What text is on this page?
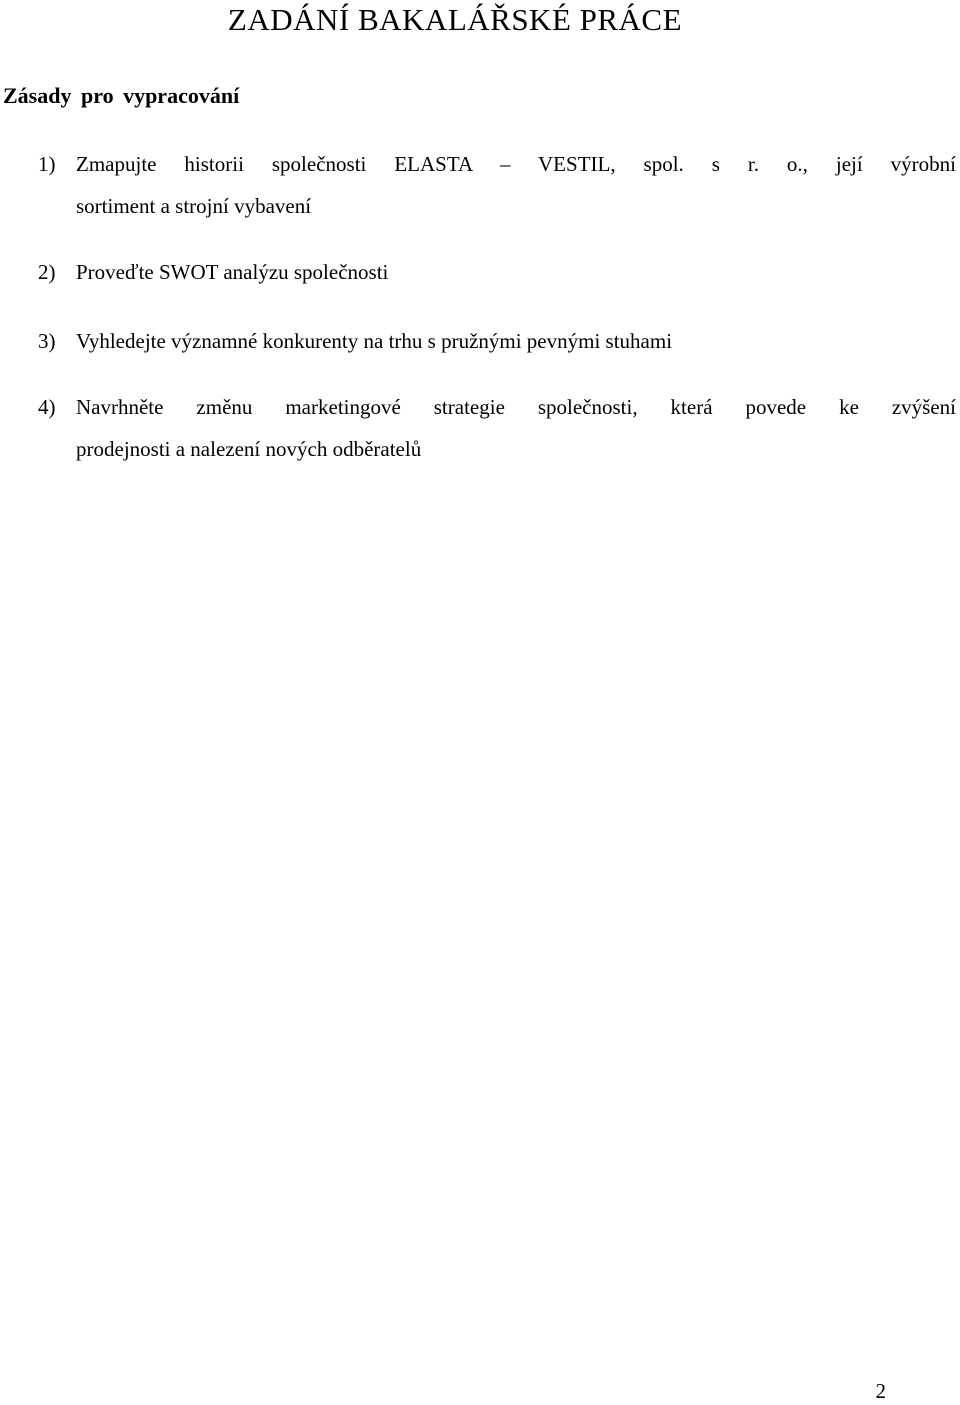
ZADÁNÍ BAKALÁŘSKÉ PRÁCE
Zásady pro vypracování
1) Zmapujte historii společnosti ELASTA – VESTIL, spol. s r. o., její výrobní
sortiment a strojní vybavení
2) Proveďte SWOT analýzu společnosti
3) Vyhledejte významné konkurenty na trhu s pružnými pevnými stuhami
4) Navrhněte změnu marketingové strategie společnosti, která povede ke zvýšení
prodejnosti a nalezení nových odběratelů
2
